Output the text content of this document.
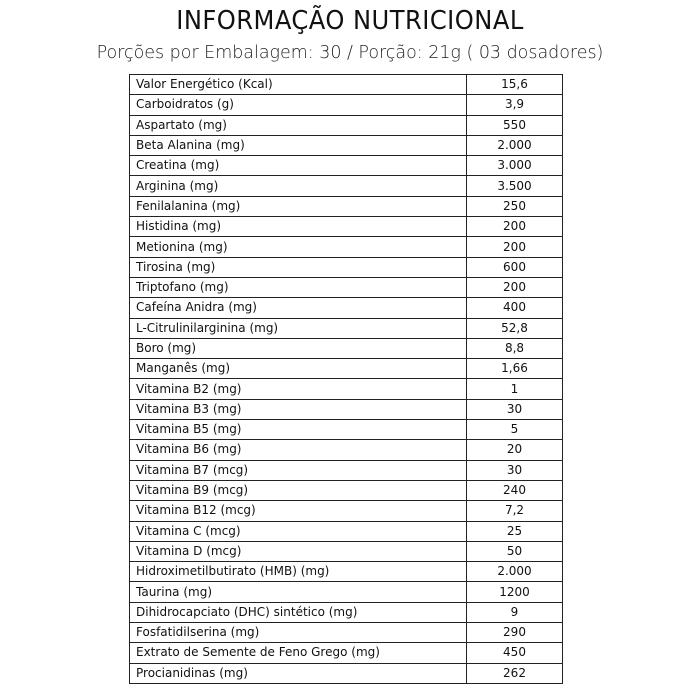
INFORMAÇÃO NUTRICIONAL
Porções por Embalagem: 30 / Porção: 21g ( 03 dosadores)
Valor Energético (Kcal)	15,6
Carboidratos (g)	3,9
Aspartato (mg)	550
Beta Alanina (mg)	2.000
Creatina (mg)	3.000
Arginina (mg)	3.500
Fenilalanina (mg)	250
Histidina (mg)	200
Metionina (mg)	200
Tirosina (mg)	600
Triptofano (mg)	200
Cafeína Anidra (mg)	400
L-Citrulinilarginina (mg)	52,8
Boro (mg)	8,8
Manganês (mg)	1,66
Vitamina B2 (mg)	1
Vitamina B3 (mg)	30
Vitamina B5 (mg)	5
Vitamina B6 (mg)	20
Vitamina B7 (mcg)	30
Vitamina B9 (mcg)	240
Vitamina B12 (mcg)	7,2
Vitamina C (mcg)	25
Vitamina D (mcg)	50
Hidroximetilbutirato (HMB) (mg)	2.000
Taurina (mg)	1200
Dihidrocapciato (DHC) sintético (mg)	9
Fosfatidilserina (mg)	290
Extrato de Semente de Feno Grego (mg)	450
Procianidinas (mg)	262
